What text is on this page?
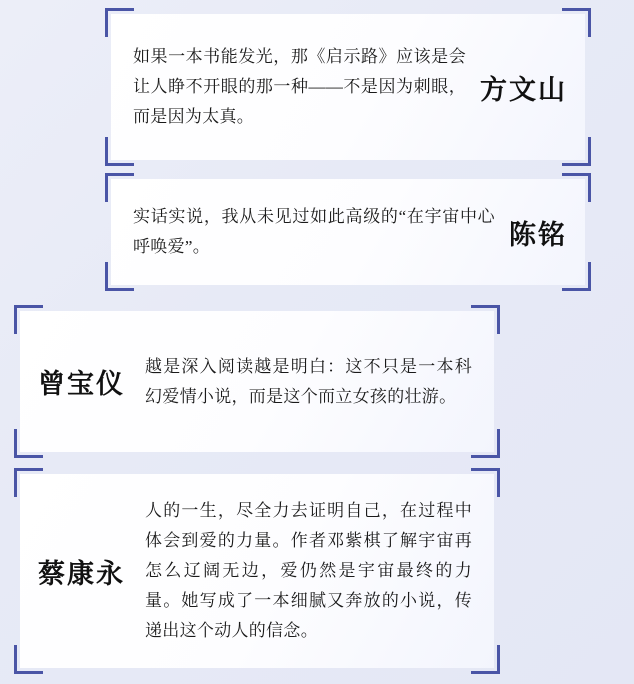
如果一本书能发光，那《启示路》应该是会让人睁不开眼的那一种——不是因为刺眼，而是因为太真。
方文山
实话实说，我从未见过如此高级的“在宇宙中心呼唤爱”。	陈铭
曾宝仪
越是深入阅读越是明白：这不只是一本科幻爱情小说，而是这个而立女孩的壮游。
蔡康永
人的一生，尽全力去证明自己，在过程中体会到爱的力量。作者邓紫棋了解宇宙再怎么辽阔无边，爱仍然是宇宙最终的力量。她写成了一本细腻又奔放的小说，传递出这个动人的信念。
